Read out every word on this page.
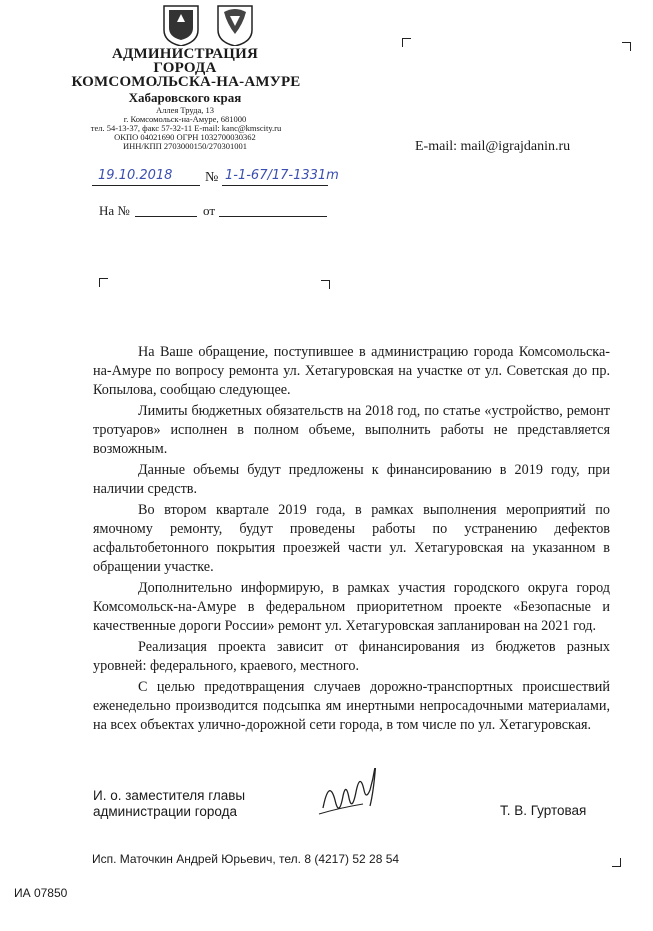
АДМИНИСТРАЦИЯ
ГОРОДА
КОМСОМОЛЬСКА-НА-АМУРЕ
Хабаровского края
Аллея Труда, 13
г. Комсомольск-на-Амуре, 681000
тел. 54-13-37, факс 57-32-11 E-mail: kanc@kmscity.ru
ОКПО 04021690 ОГРН 1032700030362
ИНН/КПП 2703000150/270301001	E-mail: mail@igrajdanin.ru
19.10.2018 № 1-1-67/17-1331m
На №	от

На Ваше обращение, поступившее в администрацию города Комсомольска-на-Амуре по вопросу ремонта ул. Хетагуровская на участке от ул. Советская до пр. Копылова, сообщаю следующее.

Лимиты бюджетных обязательств на 2018 год, по статье «устройство, ремонт тротуаров» исполнен в полном объеме, выполнить работы не представляется возможным.

Данные объемы будут предложены к финансированию в 2019 году, при наличии средств.

Во втором квартале 2019 года, в рамках выполнения мероприятий по ямочному ремонту, будут проведены работы по устранению дефектов асфальтобетонного покрытия проезжей части ул. Хетагуровская на указанном в обращении участке.

Дополнительно информирую, в рамках участия городского округа город Комсомольск-на-Амуре в федеральном приоритетном проекте «Безопасные и качественные дороги России» ремонт ул. Хетагуровская запланирован на 2021 год.

Реализация проекта зависит от финансирования из бюджетов разных уровней: федерального, краевого, местного.

С целью предотвращения случаев дорожно-транспортных происшествий еженедельно производится подсыпка ям инертными непросадочными материалами, на всех объектах улично-дорожной сети города, в том числе по ул. Хетагуровская.

И. о. заместителя главы
администрации города	Т. В. Гуртовая
Исп. Маточкин Андрей Юрьевич, тел. 8 (4217) 52 28 54
ИА 07850
